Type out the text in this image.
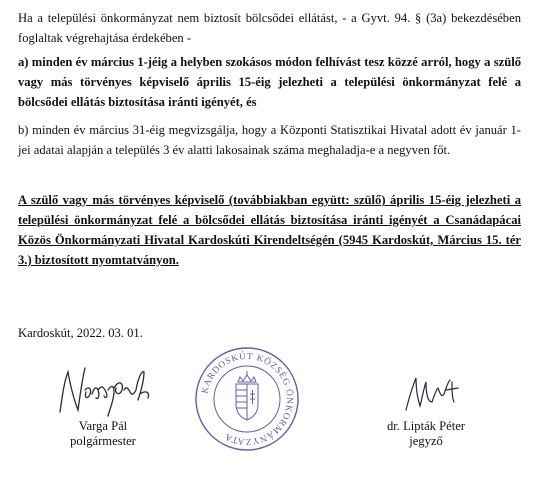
Ha a települési önkormányzat nem biztosít bölcsődei ellátást, - a Gyvt. 94. § (3a) bekezdésében foglaltak végrehajtása érdekében -

a) minden év március 1-jéig a helyben szokásos módon felhívást tesz közzé arról, hogy a szülő vagy más törvényes képviselő április 15-éig jelezheti a települési önkormányzat felé a bölcsődei ellátás biztosítása iránti igényét, és

b) minden év március 31-éig megvizsgálja, hogy a Központi Statisztikai Hivatal adott év január 1-jei adatai alapján a település 3 év alatti lakosainak száma meghaladja-e a negyven főt.

A szülő vagy más törvényes képviselő (továbbiakban együtt: szülő) április 15-éig jelezheti a települési önkormányzat felé a bölcsődei ellátás biztosítása iránti igényét a Csanádapácai Közös Önkormányzati Hivatal Kardoskúti Kirendeltségén (5945 Kardoskút, Március 15. tér 3.) biztosított nyomtatványon.

Kardoskút, 2022. 03. 01.
Varga Pál
polgármester
KARDOSKÚT KÖZSÉG ÖNKORMÁNYZATA
dr. Lipták Péter
jegyző
